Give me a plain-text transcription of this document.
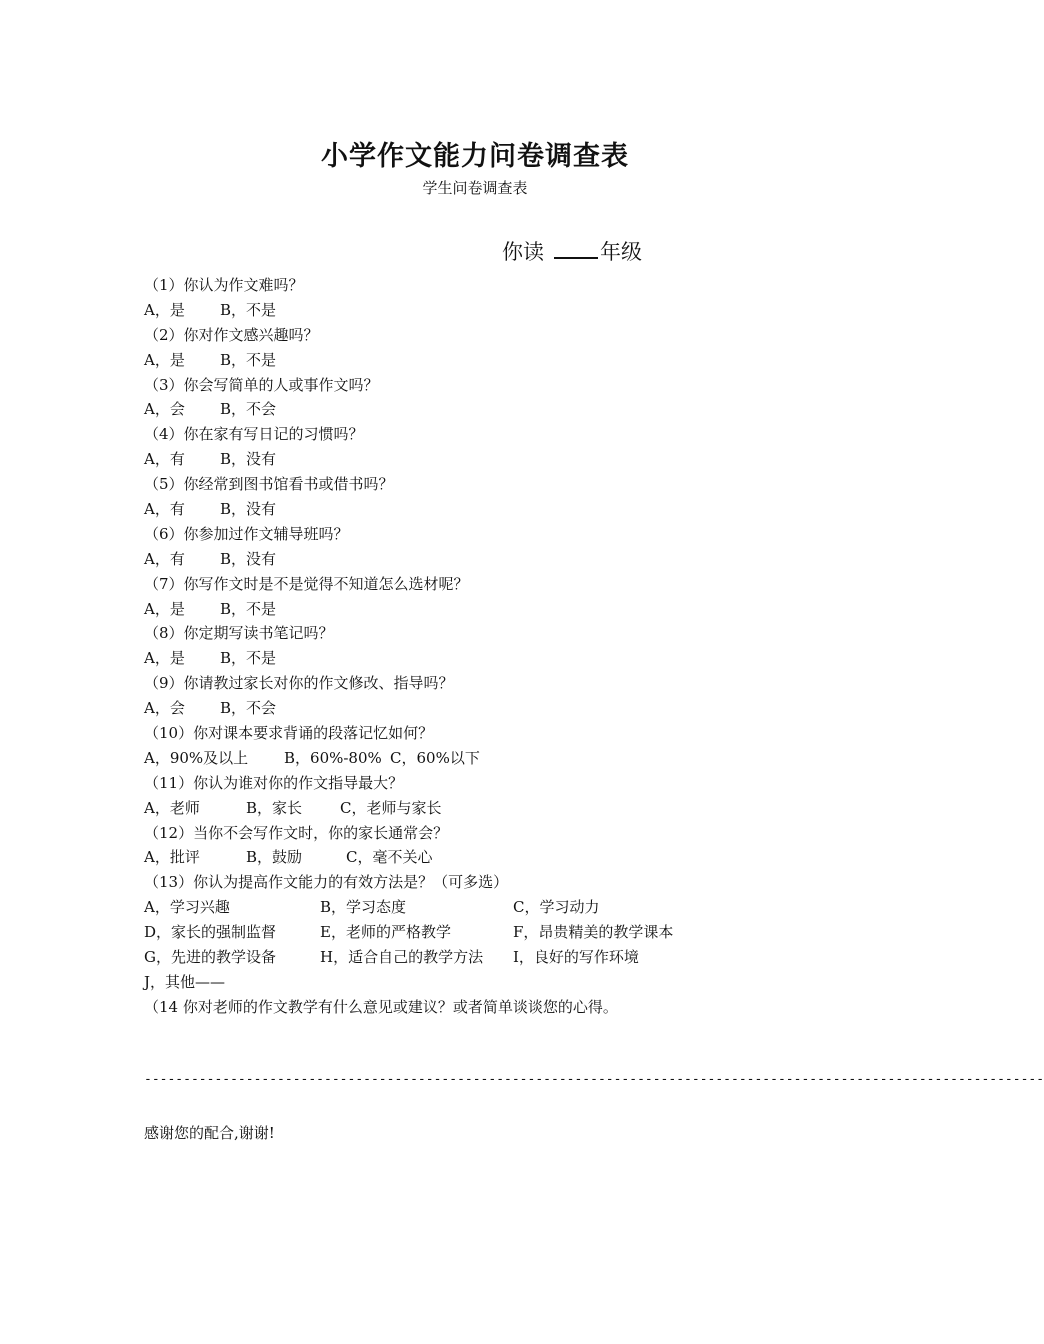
小学作文能力问卷调查表
学生问卷调查表
你读	年级
（1）你认为作文难吗？
A，是 B，不是
（2）你对作文感兴趣吗？
A，是 B，不是
（3）你会写简单的人或事作文吗？
A，会 B，不会
（4）你在家有写日记的习惯吗？
A，有 B，没有
（5）你经常到图书馆看书或借书吗？
A，有 B，没有
（6）你参加过作文辅导班吗？
A，有 B，没有
（7）你写作文时是不是觉得不知道怎么选材呢？
A，是 B，不是
（8）你定期写读书笔记吗？
A，是 B，不是
（9）你请教过家长对你的作文修改、指导吗？
A，会 B，不会
（10）你对课本要求背诵的段落记忆如何？
A，90%及以上 B，60%-80% C，60%以下
（11）你认为谁对你的作文指导最大？
A，老师	B，家长	C，老师与家长
（12）当你不会写作文时，你的家长通常会？
A，批评	B，鼓励	C，毫不关心
（13）你认为提高作文能力的有效方法是？（可多选）
A，学习兴趣	B，学习态度	C，学习动力
D，家长的强制监督	E，老师的严格教学	F，昂贵精美的教学课本
G，先进的教学设备	H，适合自己的教学方法 I，良好的写作环境
J，其他——
（14 你对老师的作文教学有什么意见或建议？或者简单谈谈您的心得。
-------------------------------------------------------------------------------------------------------------------
感谢您的配合,谢谢!
